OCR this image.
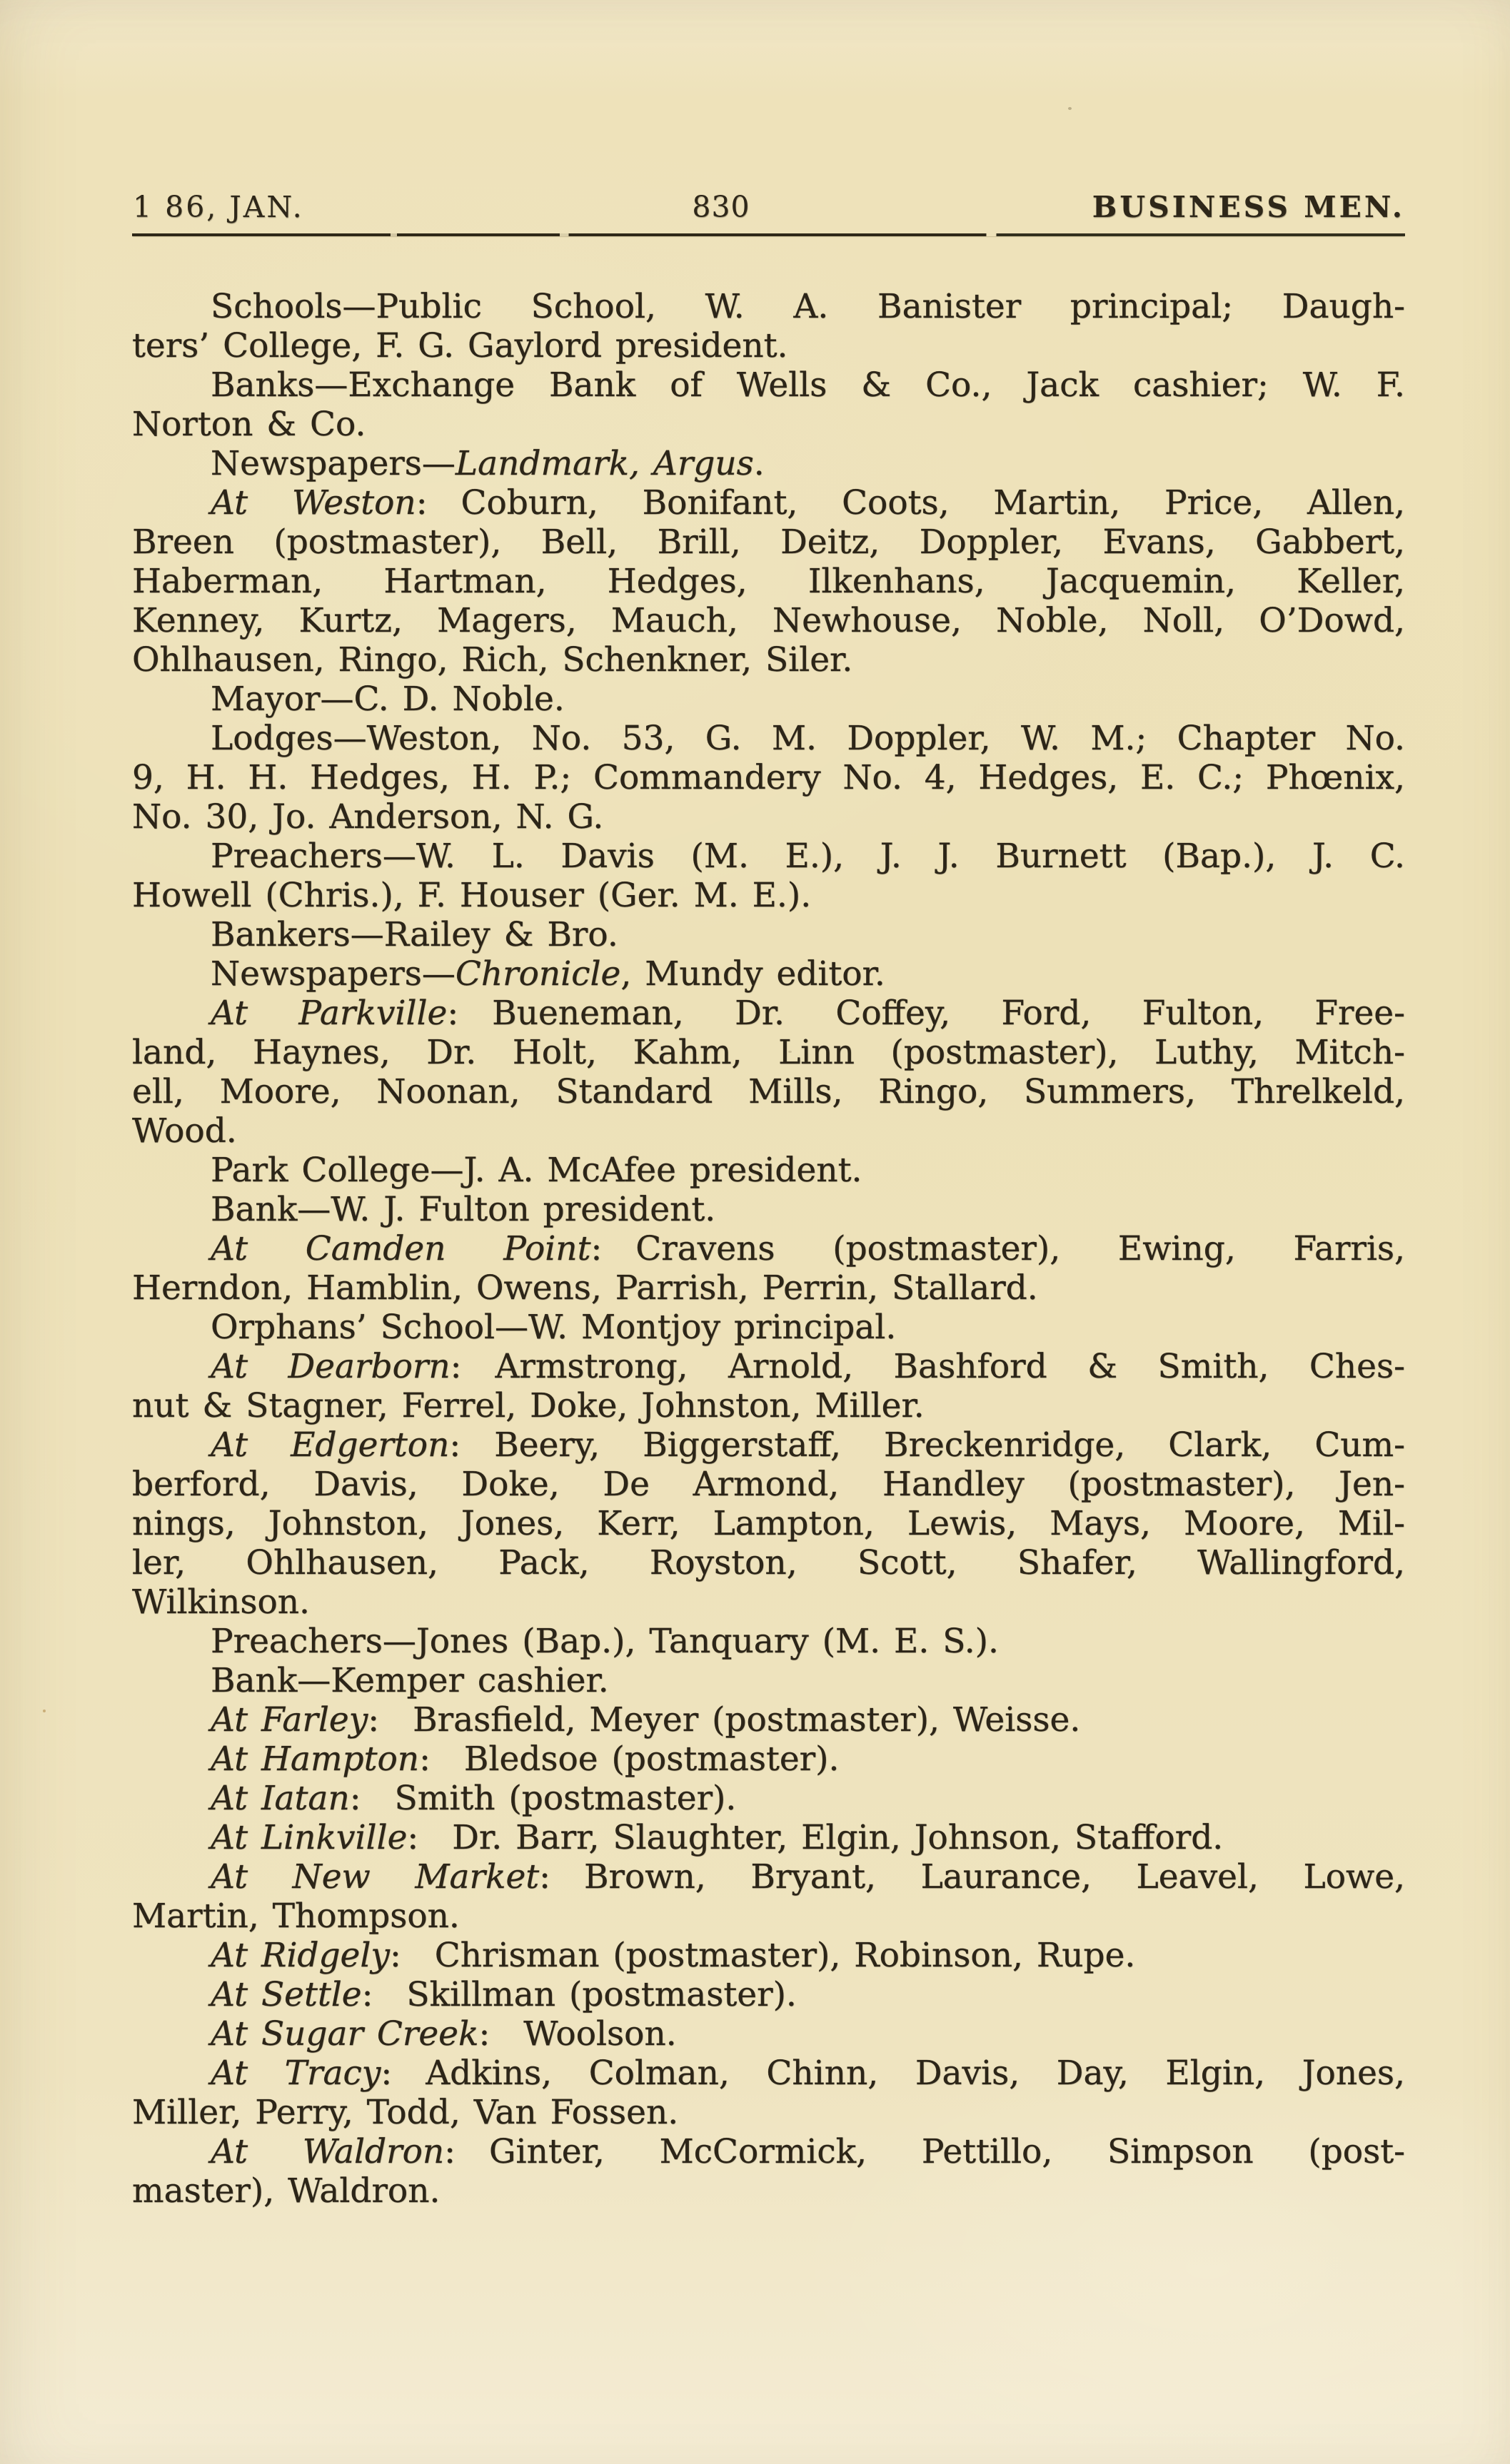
1 86, JAN.	830	BUSINESS MEN.
Schools—Public School, W. A. Banister principal; Daugh-
ters’ College, F. G. Gaylord president.
Banks—Exchange Bank of Wells & Co., Jack cashier; W. F.
Norton & Co.
Newspapers—Landmark, Argus.
At Weston: Coburn, Bonifant, Coots, Martin, Price, Allen,
Breen (postmaster), Bell, Brill, Deitz, Doppler, Evans, Gabbert,
Haberman, Hartman, Hedges, Ilkenhans, Jacquemin, Keller,
Kenney, Kurtz, Magers, Mauch, Newhouse, Noble, Noll, O’Dowd,
Ohlhausen, Ringo, Rich, Schenkner, Siler.
Mayor—C. D. Noble.
Lodges—Weston, No. 53, G. M. Doppler, W. M.; Chapter No.
9, H. H. Hedges, H. P.; Commandery No. 4, Hedges, E. C.; Phœnix,
No. 30, Jo. Anderson, N. G.
Preachers—W. L. Davis (M. E.), J. J. Burnett (Bap.), J. C.
Howell (Chris.), F. Houser (Ger. M. E.).
Bankers—Railey & Bro.
Newspapers—Chronicle, Mundy editor.
At Parkville: Bueneman, Dr. Coffey, Ford, Fulton, Free-
land, Haynes, Dr. Holt, Kahm, Linn (postmaster), Luthy, Mitch-
ell, Moore, Noonan, Standard Mills, Ringo, Summers, Threlkeld,
Wood.
Park College—J. A. McAfee president.
Bank—W. J. Fulton president.
At Camden Point: Cravens (postmaster), Ewing, Farris,
Herndon, Hamblin, Owens, Parrish, Perrin, Stallard.
Orphans’ School—W. Montjoy principal.
At Dearborn: Armstrong, Arnold, Bashford & Smith, Ches-
nut & Stagner, Ferrel, Doke, Johnston, Miller.
At Edgerton: Beery, Biggerstaff, Breckenridge, Clark, Cum-
berford, Davis, Doke, De Armond, Handley (postmaster), Jen-
nings, Johnston, Jones, Kerr, Lampton, Lewis, Mays, Moore, Mil-
ler, Ohlhausen, Pack, Royston, Scott, Shafer, Wallingford,
Wilkinson.
Preachers—Jones (Bap.), Tanquary (M. E. S.).
Bank—Kemper cashier.
At Farley: Brasfield, Meyer (postmaster), Weisse.
At Hampton: Bledsoe (postmaster).
At Iatan: Smith (postmaster).
At Linkville: Dr. Barr, Slaughter, Elgin, Johnson, Stafford.
At New Market: Brown, Bryant, Laurance, Leavel, Lowe,
Martin, Thompson.
At Ridgely: Chrisman (postmaster), Robinson, Rupe.
At Settle: Skillman (postmaster).
At Sugar Creek: Woolson.
At Tracy: Adkins, Colman, Chinn, Davis, Day, Elgin, Jones,
Miller, Perry, Todd, Van Fossen.
At Waldron: Ginter, McCormick, Pettillo, Simpson (post-
master), Waldron.
